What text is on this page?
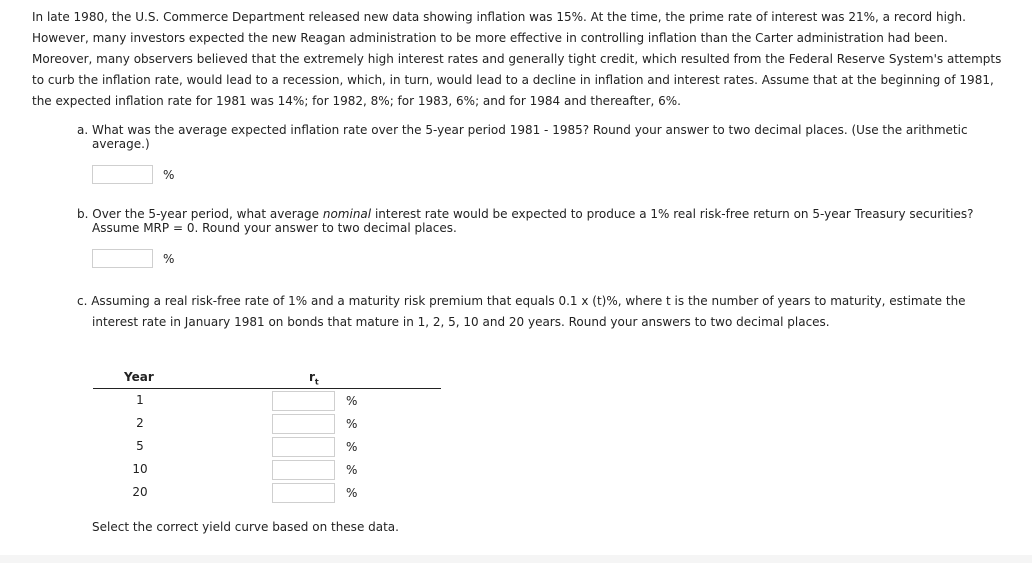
In late 1980, the U.S. Commerce Department released new data showing inflation was 15%. At the time, the prime rate of interest was 21%, a record high. However, many investors expected the new Reagan administration to be more effective in controlling inflation than the Carter administration had been. Moreover, many observers believed that the extremely high interest rates and generally tight credit, which resulted from the Federal Reserve System's attempts to curb the inflation rate, would lead to a recession, which, in turn, would lead to a decline in inflation and interest rates. Assume that at the beginning of 1981, the expected inflation rate for 1981 was 14%; for 1982, 8%; for 1983, 6%; and for 1984 and thereafter, 6%.

a. What was the average expected inflation rate over the 5-year period 1981 - 1985? Round your answer to two decimal places. (Use the arithmetic
average.)
%
b. Over the 5-year period, what average nominal interest rate would be expected to produce a 1% real risk-free return on 5-year Treasury securities?
Assume MRP = 0. Round your answer to two decimal places.
%
c. Assuming a real risk-free rate of 1% and a maturity risk premium that equals 0.1 x (t)%, where t is the number of years to maturity, estimate the
interest rate in January 1981 on bonds that mature in 1, 2, 5, 10 and 20 years. Round your answers to two decimal places.
Year	$r_t$
1	%
2	%
5	%
10	%
20	%
Select the correct yield curve based on these data.
